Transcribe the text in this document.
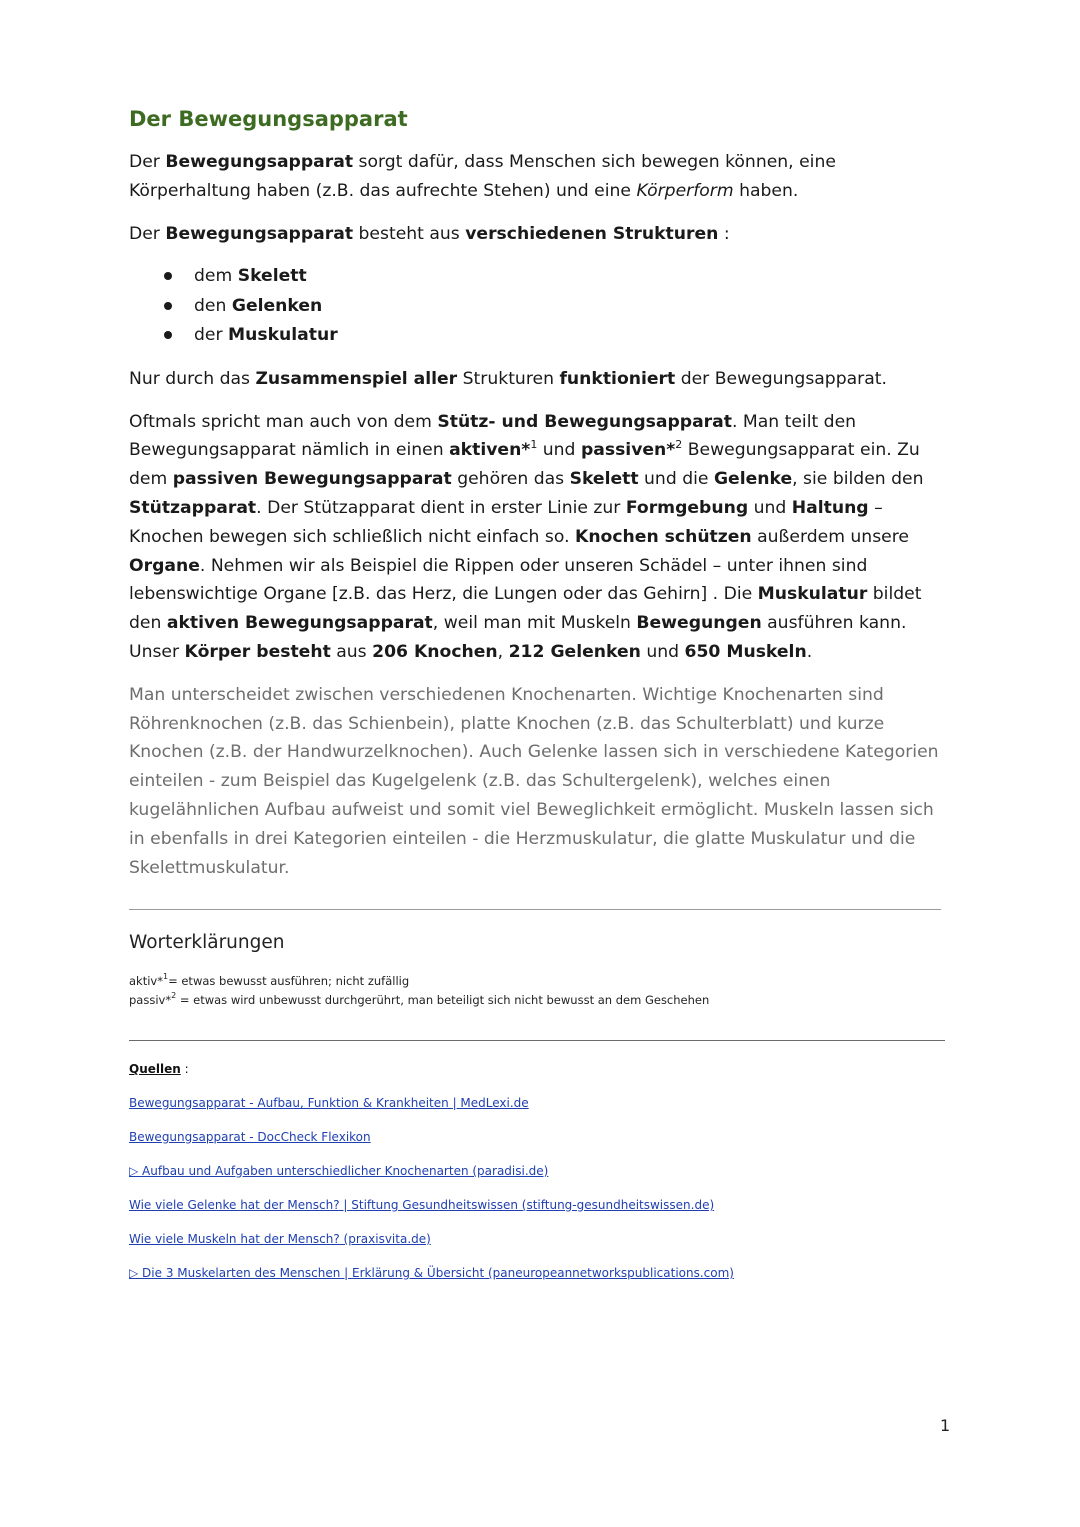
Der Bewegungsapparat

Der Bewegungsapparat sorgt dafür, dass Menschen sich bewegen können, eine Körperhaltung haben (z.B. das aufrechte Stehen) und eine Körperform haben.

Der Bewegungsapparat besteht aus verschiedenen Strukturen :

dem Skelett
den Gelenken
der Muskulatur

Nur durch das Zusammenspiel aller Strukturen funktioniert der Bewegungsapparat.

Oftmals spricht man auch von dem Stütz- und Bewegungsapparat. Man teilt den Bewegungsapparat nämlich in einen aktiven*$^1$ und passiven*$^2$ Bewegungsapparat ein. Zu dem passiven Bewegungsapparat gehören das Skelett und die Gelenke, sie bilden den Stützapparat. Der Stützapparat dient in erster Linie zur Formgebung und Haltung – Knochen bewegen sich schließlich nicht einfach so. Knochen schützen außerdem unsere Organe. Nehmen wir als Beispiel die Rippen oder unseren Schädel – unter ihnen sind lebenswichtige Organe [z.B. das Herz, die Lungen oder das Gehirn] . Die Muskulatur bildet den aktiven Bewegungsapparat, weil man mit Muskeln Bewegungen ausführen kann. Unser Körper besteht aus 206 Knochen, 212 Gelenken und 650 Muskeln.

Man unterscheidet zwischen verschiedenen Knochenarten. Wichtige Knochenarten sind Röhrenknochen (z.B. das Schienbein), platte Knochen (z.B. das Schulterblatt) und kurze Knochen (z.B. der Handwurzelknochen). Auch Gelenke lassen sich in verschiedene Kategorien einteilen - zum Beispiel das Kugelgelenk (z.B. das Schultergelenk), welches einen kugelähnlichen Aufbau aufweist und somit viel Beweglichkeit ermöglicht. Muskeln lassen sich in ebenfalls in drei Kategorien einteilen - die Herzmuskulatur, die glatte Muskulatur und die Skelettmuskulatur.

Worterklärungen
aktiv*$^1$= etwas bewusst ausführen; nicht zufällig
passiv*$^2$ = etwas wird unbewusst durchgerührt, man beteiligt sich nicht bewusst an dem Geschehen
Quellen :
Bewegungsapparat - Aufbau, Funktion & Krankheiten | MedLexi.de
Bewegungsapparat - DocCheck Flexikon
▷ Aufbau und Aufgaben unterschiedlicher Knochenarten (paradisi.de)
Wie viele Gelenke hat der Mensch? | Stiftung Gesundheitswissen (stiftung-gesundheitswissen.de)
Wie viele Muskeln hat der Mensch? (praxisvita.de)
▷ Die 3 Muskelarten des Menschen | Erklärung & Übersicht (paneuropeannetworkspublications.com)
1
